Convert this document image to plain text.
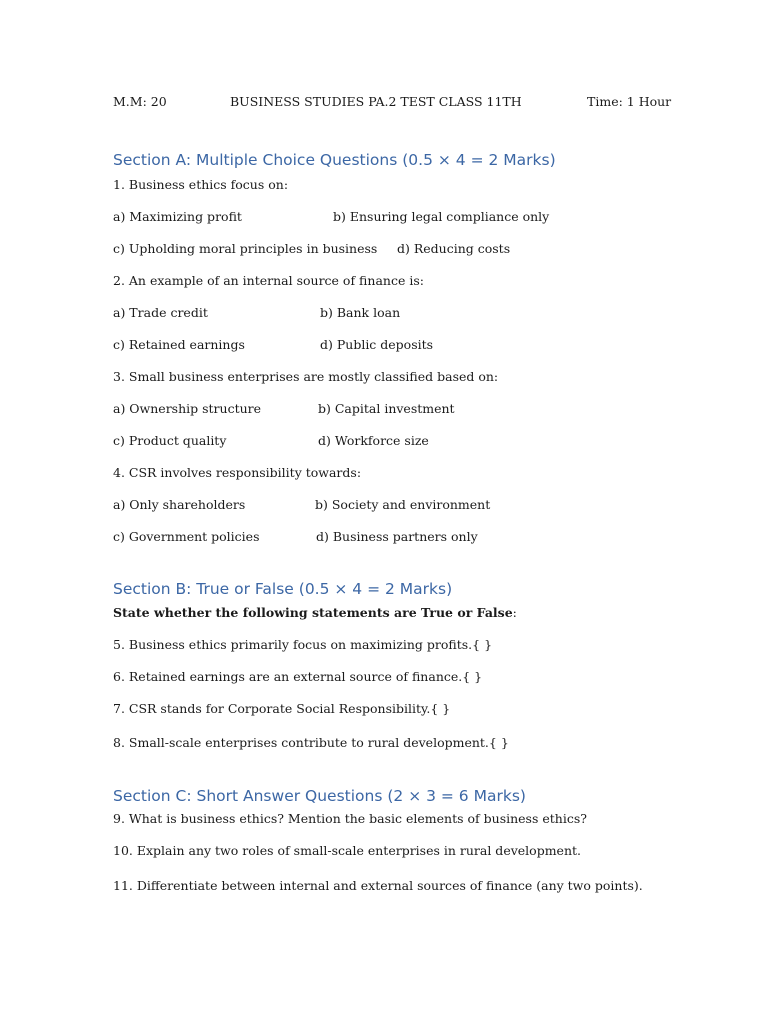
M.M: 20	BUSINESS STUDIES PA.2 TEST CLASS 11TH	Time: 1 Hour
Section A: Multiple Choice Questions (0.5 × 4 = 2 Marks)
1. Business ethics focus on:
a) Maximizing profit	b) Ensuring legal compliance only
c) Upholding moral principles in business d) Reducing costs
2. An example of an internal source of finance is:
a) Trade credit	b) Bank loan
c) Retained earnings	d) Public deposits
3. Small business enterprises are mostly classified based on:
a) Ownership structure	b) Capital investment
c) Product quality	d) Workforce size
4. CSR involves responsibility towards:
a) Only shareholders	b) Society and environment
c) Government policies	d) Business partners only
Section B: True or False (0.5 × 4 = 2 Marks)
State whether the following statements are True or False:
5. Business ethics primarily focus on maximizing profits.{ }
6. Retained earnings are an external source of finance.{ }
7. CSR stands for Corporate Social Responsibility.{ }
8. Small-scale enterprises contribute to rural development.{ }
Section C: Short Answer Questions (2 × 3 = 6 Marks)
9. What is business ethics? Mention the basic elements of business ethics?
10. Explain any two roles of small-scale enterprises in rural development.
11. Differentiate between internal and external sources of finance (any two points).
